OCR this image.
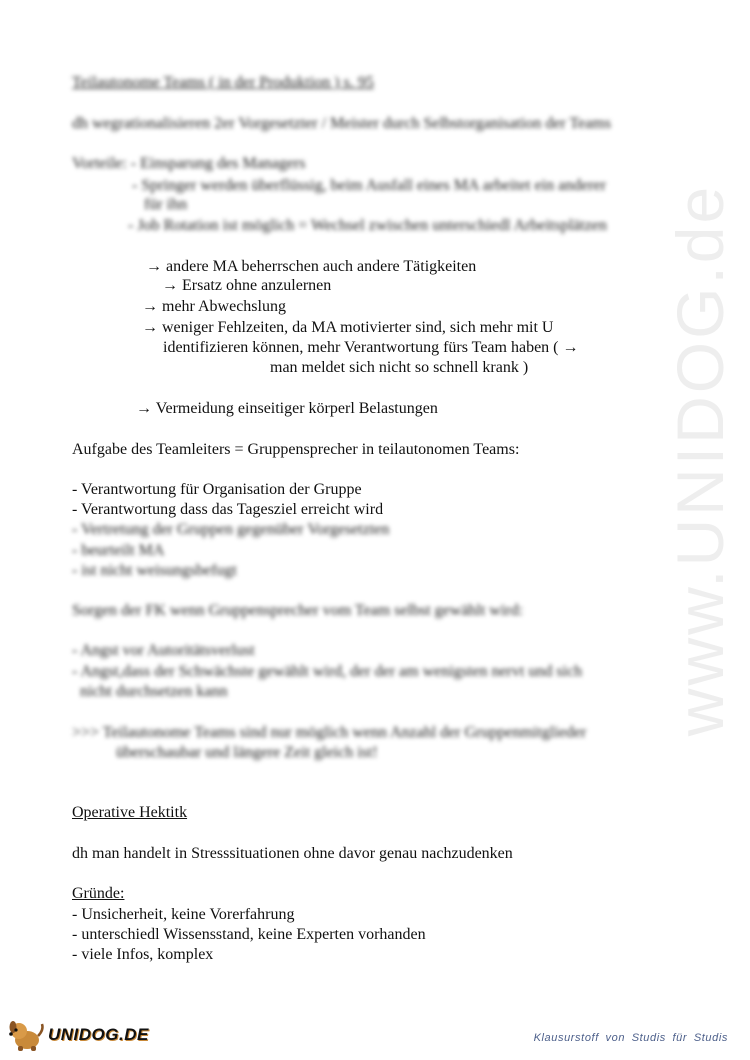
www.UNIDOG.de
Teilautonome Teams ( in der Produktion ) s. 95
dh wegrationalisieren 2er Vorgesetzter / Meister durch Selbstorganisation der Teams
Vorteile: - Einsparung des Managers
- Springer werden überflüssig, beim Ausfall eines MA arbeitet ein anderer
für ihn
- Job Rotation ist möglich = Wechsel zwischen unterschiedl Arbeitsplätzen
→ andere MA beherrschen auch andere Tätigkeiten
→ Ersatz ohne anzulernen
→ mehr Abwechslung
→ weniger Fehlzeiten, da MA motivierter sind, sich mehr mit U
identifizieren können, mehr Verantwortung fürs Team haben ( →
man meldet sich nicht so schnell krank )
→ Vermeidung einseitiger körperl Belastungen
Aufgabe des Teamleiters = Gruppensprecher in teilautonomen Teams:
- Verantwortung für Organisation der Gruppe
- Verantwortung dass das Tagesziel erreicht wird
- Vertretung der Gruppen gegenüber Vorgesetzten
- beurteilt MA
- ist nicht weisungsbefugt
Sorgen der FK wenn Gruppensprecher vom Team selbst gewählt wird:
- Angst vor Autoritätsverlust
- Angst,dass der Schwächste gewählt wird, der der am wenigsten nervt und sich
nicht durchsetzen kann
>>> Teilautonome Teams sind nur möglich wenn Anzahl der Gruppenmitglieder
überschaubar und längere Zeit gleich ist!
Operative Hektitk
dh man handelt in Stresssituationen ohne davor genau nachzudenken
Gründe:
- Unsicherheit, keine Vorerfahrung
- unterschiedl Wissensstand, keine Experten vorhanden
- viele Infos, komplex
UNIDOG.DE	Klausurstoff von Studis für Studis
